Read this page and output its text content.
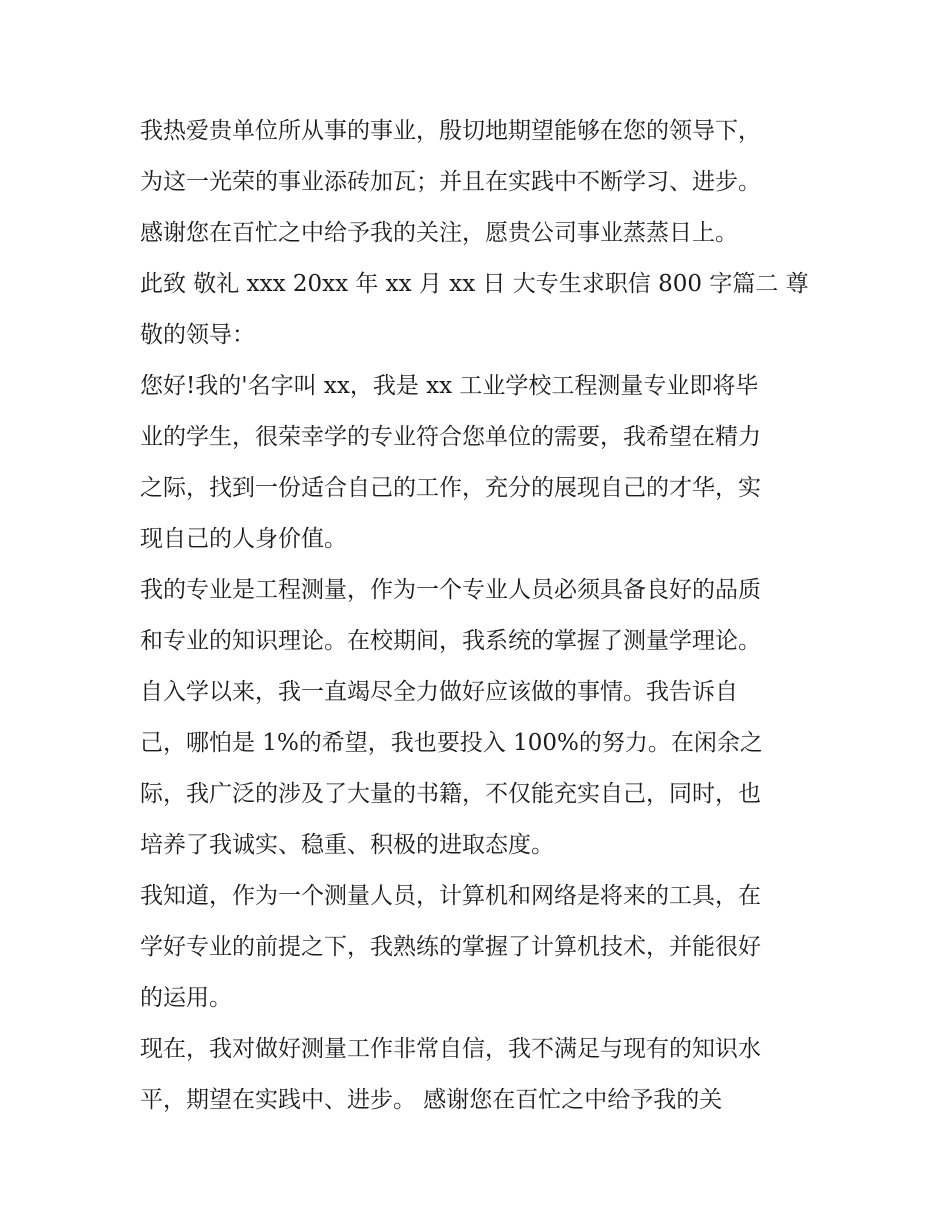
我热爱贵单位所从事的事业，殷切地期望能够在您的领导下，
为这一光荣的事业添砖加瓦；并且在实践中不断学习、进步。
感谢您在百忙之中给予我的关注，愿贵公司事业蒸蒸日上。
此致 敬礼 xxx 20xx 年 xx 月 xx 日 大专生求职信 800 字篇二 尊
敬的领导：
您好!我的'名字叫 xx，我是 xx 工业学校工程测量专业即将毕
业的学生，很荣幸学的专业符合您单位的需要，我希望在精力
之际，找到一份适合自己的工作，充分的展现自己的才华，实
现自己的人身价值。
我的专业是工程测量，作为一个专业人员必须具备良好的品质
和专业的知识理论。在校期间，我系统的掌握了测量学理论。
自入学以来，我一直竭尽全力做好应该做的事情。我告诉自
己，哪怕是 1%的希望，我也要投入 100%的努力。在闲余之
际，我广泛的涉及了大量的书籍，不仅能充实自己，同时，也
培养了我诚实、稳重、积极的进取态度。
我知道，作为一个测量人员，计算机和网络是将来的工具，在
学好专业的前提之下，我熟练的掌握了计算机技术，并能很好
的运用。
现在，我对做好测量工作非常自信，我不满足与现有的知识水
平，期望在实践中、进步。 感谢您在百忙之中给予我的关
